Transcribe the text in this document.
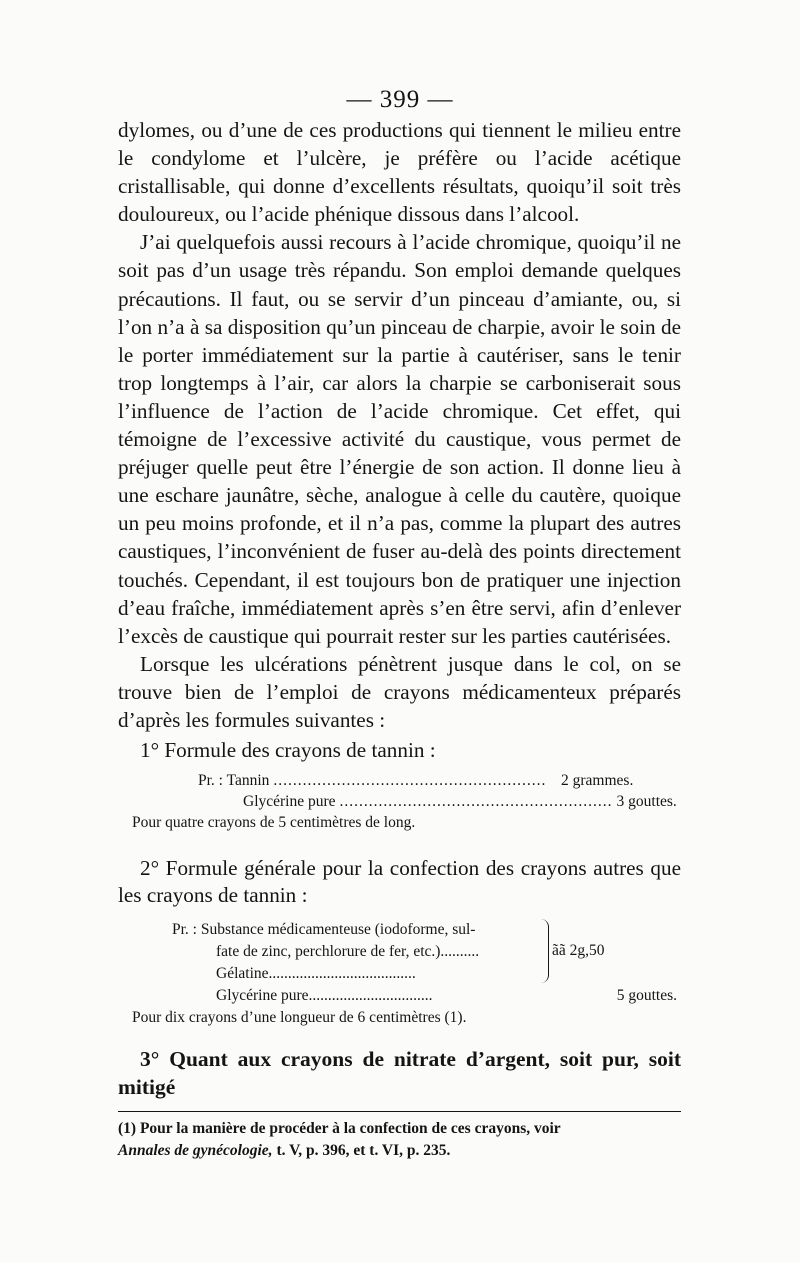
— 399 —

dylomes, ou d’une de ces productions qui tiennent le milieu entre le condylome et l’ulcère, je préfère ou l’acide acétique cristallisable, qui donne d’excellents résultats, quoiqu’il soit très douloureux, ou l’acide phénique dissous dans l’alcool.

J’ai quelquefois aussi recours à l’acide chromique, quoiqu’il ne soit pas d’un usage très répandu. Son emploi demande quelques précautions. Il faut, ou se servir d’un pinceau d’amiante, ou, si l’on n’a à sa disposition qu’un pinceau de charpie, avoir le soin de le porter immédiatement sur la partie à cautériser, sans le tenir trop longtemps à l’air, car alors la charpie se carboniserait sous l’influence de l’action de l’acide chromique. Cet effet, qui témoigne de l’excessive activité du caustique, vous permet de préjuger quelle peut être l’énergie de son action. Il donne lieu à une eschare jaunâtre, sèche, analogue à celle du cautère, quoique un peu moins profonde, et il n’a pas, comme la plupart des autres caustiques, l’inconvénient de fuser au-delà des points directement touchés. Cependant, il est toujours bon de pratiquer une injection d’eau fraîche, immédiatement après s’en être servi, afin d’enlever l’excès de caustique qui pourrait rester sur les parties cautérisées.

Lorsque les ulcérations pénètrent jusque dans le col, on se trouve bien de l’emploi de crayons médicamenteux préparés d’après les formules suivantes :

1° Formule des crayons de tannin :

Pr. : Tannin ........................................................ 2 grammes.
Glycérine pure ........................................................ 3 gouttes.
Pour quatre crayons de 5 centimètres de long.

2° Formule générale pour la confection des crayons autres que les crayons de tannin :

Pr. : Substance médicamenteuse (iodoforme, sul-
fate de zinc, perchlorure de fer, etc.)..........
Gélatine......................................
ãã 2g,50
Glycérine pure................................	5 gouttes.
Pour dix crayons d’une longueur de 6 centimètres (1).

3° Quant aux crayons de nitrate d’argent, soit pur, soit mitigé

(1) Pour la manière de procéder à la confection de ces crayons, voir
Annales de gynécologie, t. V, p. 396, et t. VI, p. 235.
